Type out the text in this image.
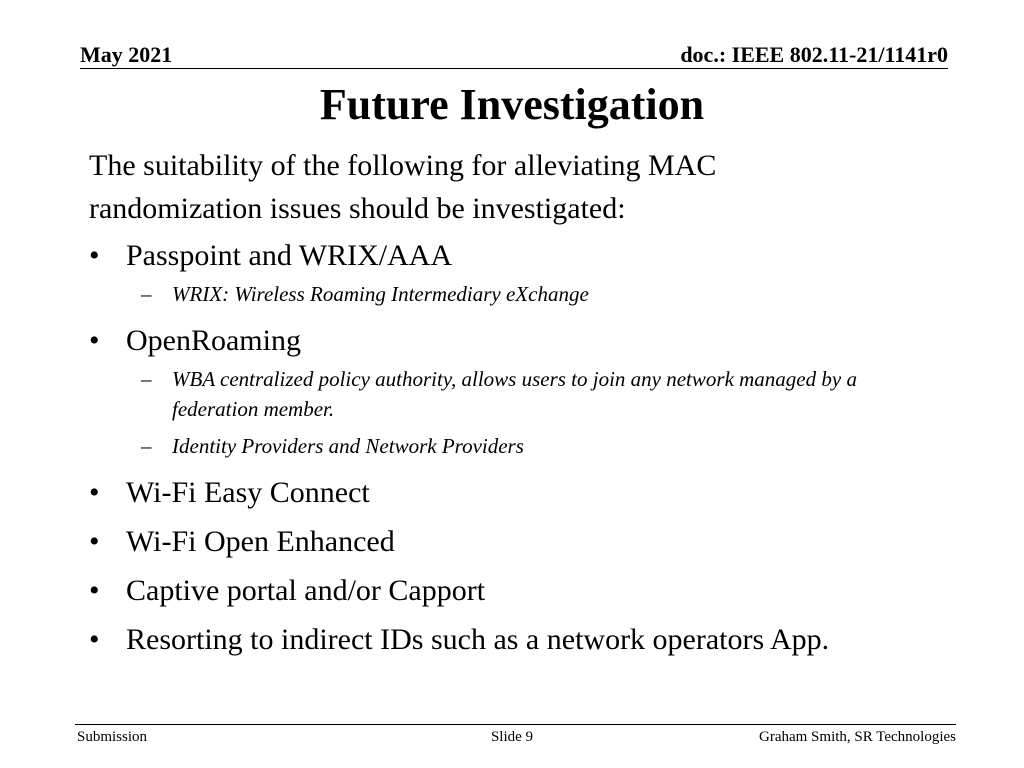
May 2021	doc.: IEEE 802.11-21/1141r0
Future Investigation
The suitability of the following for alleviating MAC
randomization issues should be investigated:
• Passpoint and WRIX/AAA
– WRIX: Wireless Roaming Intermediary eXchange
• OpenRoaming
– WBA centralized policy authority, allows users to join any network managed by a federation member.
– Identity Providers and Network Providers
• Wi-Fi Easy Connect
• Wi-Fi Open Enhanced
• Captive portal and/or Capport
• Resorting to indirect IDs such as a network operators App.
Submission	Slide 9	Graham Smith, SR Technologies
